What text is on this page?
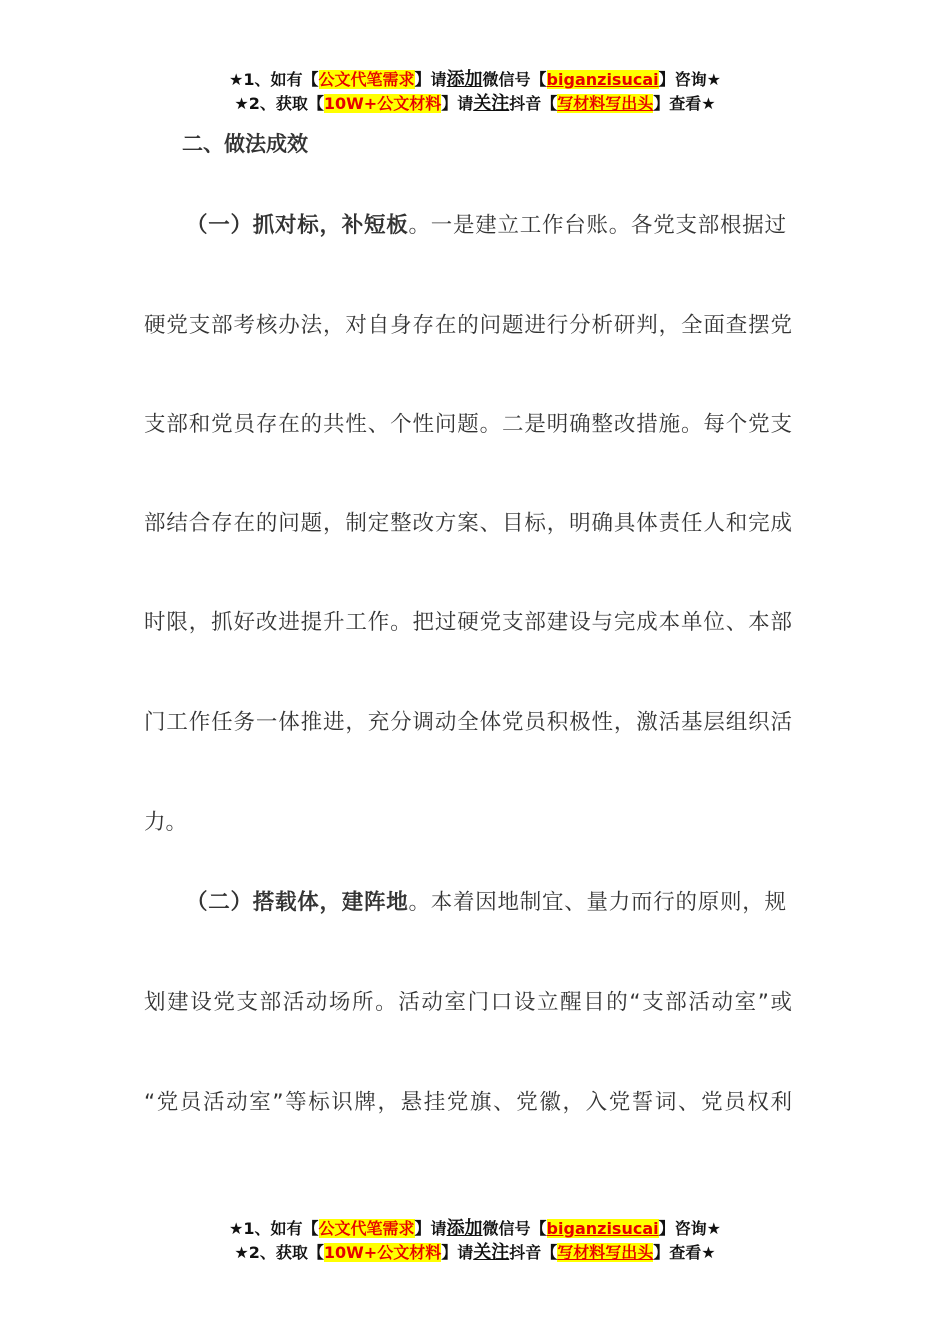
★1、如有【公文代笔需求】请添加微信号【biganzisucai】咨询★
★2、获取【10W+公文材料】请关注抖音【写材料写出头】查看★
二、做法成效
（一）抓对标，补短板。一是建立工作台账。各党支部根据过
硬党支部考核办法，对自身存在的问题进行分析研判，全面查摆党
支部和党员存在的共性、个性问题。二是明确整改措施。每个党支
部结合存在的问题，制定整改方案、目标，明确具体责任人和完成
时限，抓好改进提升工作。把过硬党支部建设与完成本单位、本部
门工作任务一体推进，充分调动全体党员积极性，激活基层组织活
力。
（二）搭载体，建阵地。本着因地制宜、量力而行的原则，规
划建设党支部活动场所。活动室门口设立醒目的“支部活动室”或
“党员活动室”等标识牌，悬挂党旗、党徽，入党誓词、党员权利
★1、如有【公文代笔需求】请添加微信号【biganzisucai】咨询★
★2、获取【10W+公文材料】请关注抖音【写材料写出头】查看★
